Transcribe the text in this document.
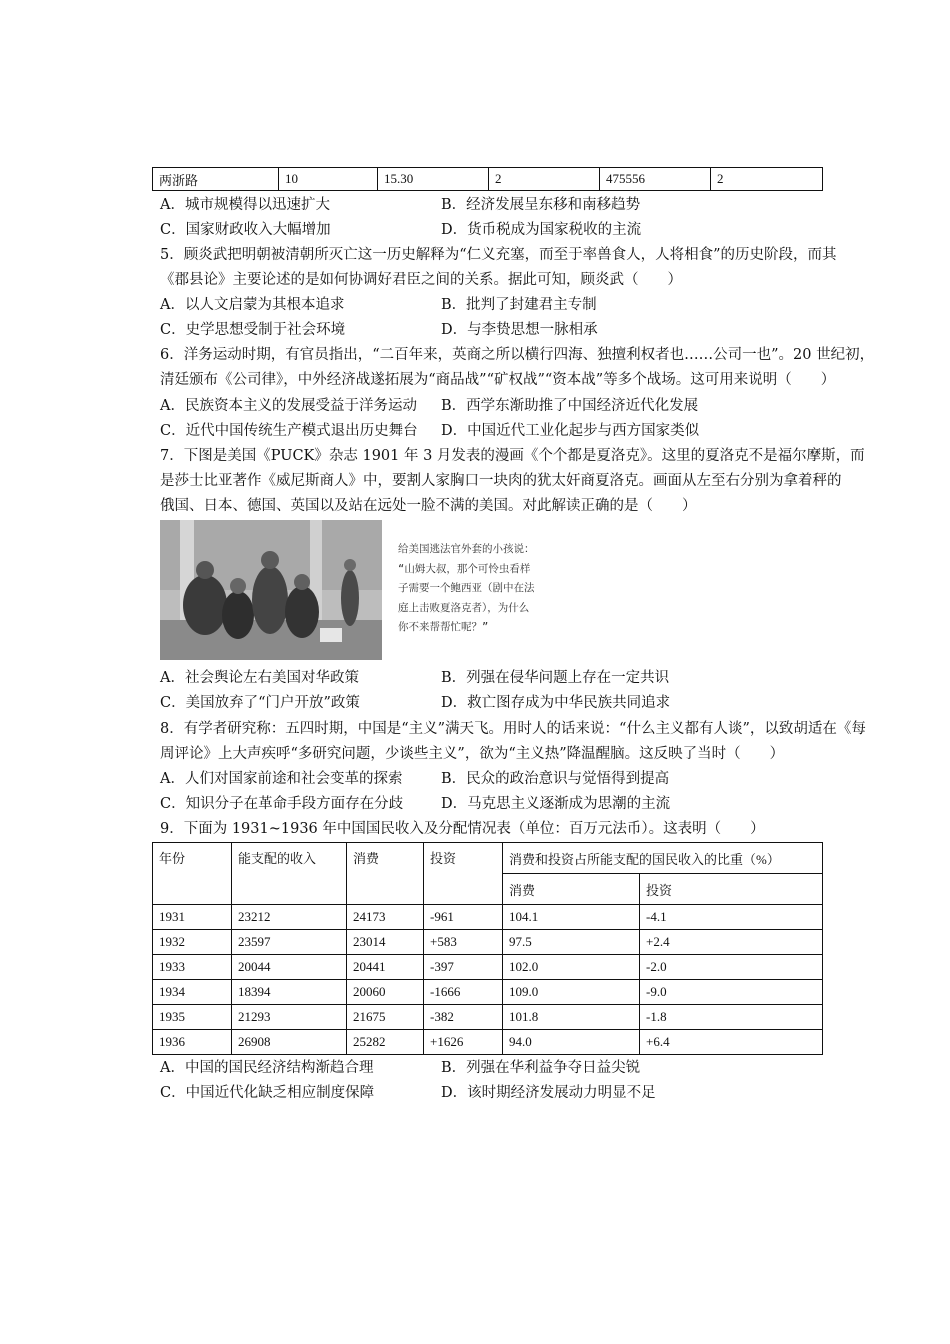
两浙路	10	15.30	2	475556	2
A．城市规模得以迅速扩大	B．经济发展呈东移和南移趋势
C．国家财政收入大幅增加	D．货币税成为国家税收的主流
5．顾炎武把明朝被清朝所灭亡这一历史解释为“仁义充塞，而至于率兽食人，人将相食”的历史阶段，而其
《郡县论》主要论述的是如何协调好君臣之间的关系。据此可知，顾炎武（　　）
A．以人文启蒙为其根本追求	B．批判了封建君主专制
C．史学思想受制于社会环境	D．与李贽思想一脉相承
6．洋务运动时期，有官员指出，“二百年来，英商之所以横行四海、独擅利权者也……公司一也”。20 世纪初，
清廷颁布《公司律》，中外经济战遂拓展为“商品战”“矿权战”“资本战”等多个战场。这可用来说明（　　）
A．民族资本主义的发展受益于洋务运动 B．西学东渐助推了中国经济近代化发展
C．近代中国传统生产模式退出历史舞台 D．中国近代工业化起步与西方国家类似
7．下图是美国《PUCK》杂志 1901 年 3 月发表的漫画《个个都是夏洛克》。这里的夏洛克不是福尔摩斯，而
是莎士比亚著作《威尼斯商人》中，要割人家胸口一块肉的犹太奸商夏洛克。画面从左至右分别为拿着秤的
俄国、日本、德国、英国以及站在远处一脸不满的美国。对此解读正确的是（　　）
给美国逃法官外套的小孩说：
“山姆大叔，那个可怜虫看样
子需要一个鲍西亚（剧中在法
庭上击败夏洛克者），为什么
你不来帮帮忙呢？”
A．社会舆论左右美国对华政策	B．列强在侵华问题上存在一定共识
C．美国放弃了“门户开放”政策	D．救亡图存成为中华民族共同追求
8．有学者研究称：五四时期，中国是“主义”满天飞。用时人的话来说：“什么主义都有人谈”，以致胡适在《每
周评论》上大声疾呼“多研究问题，少谈些主义”，欲为“主义热”降温醒脑。这反映了当时（　　）
A．人们对国家前途和社会变革的探索	B．民众的政治意识与觉悟得到提高
C．知识分子在革命手段方面存在分歧	D．马克思主义逐渐成为思潮的主流
9．下面为 1931~1936 年中国国民收入及分配情况表（单位：百万元法币）。这表明（　　）
年份	能支配的收入	消费	投资	消费和投资占所能支配的国民收入的比重（%）	
				消费	投资
1931	23212	24173	-961	104.1	-4.1
1932	23597	23014	+583	97.5	+2.4
1933	20044	20441	-397	102.0	-2.0
1934	18394	20060	-1666	109.0	-9.0
1935	21293	21675	-382	101.8	-1.8
1936	26908	25282	+1626	94.0	+6.4
A．中国的国民经济结构渐趋合理	B．列强在华利益争夺日益尖锐
C．中国近代化缺乏相应制度保障	D．该时期经济发展动力明显不足
